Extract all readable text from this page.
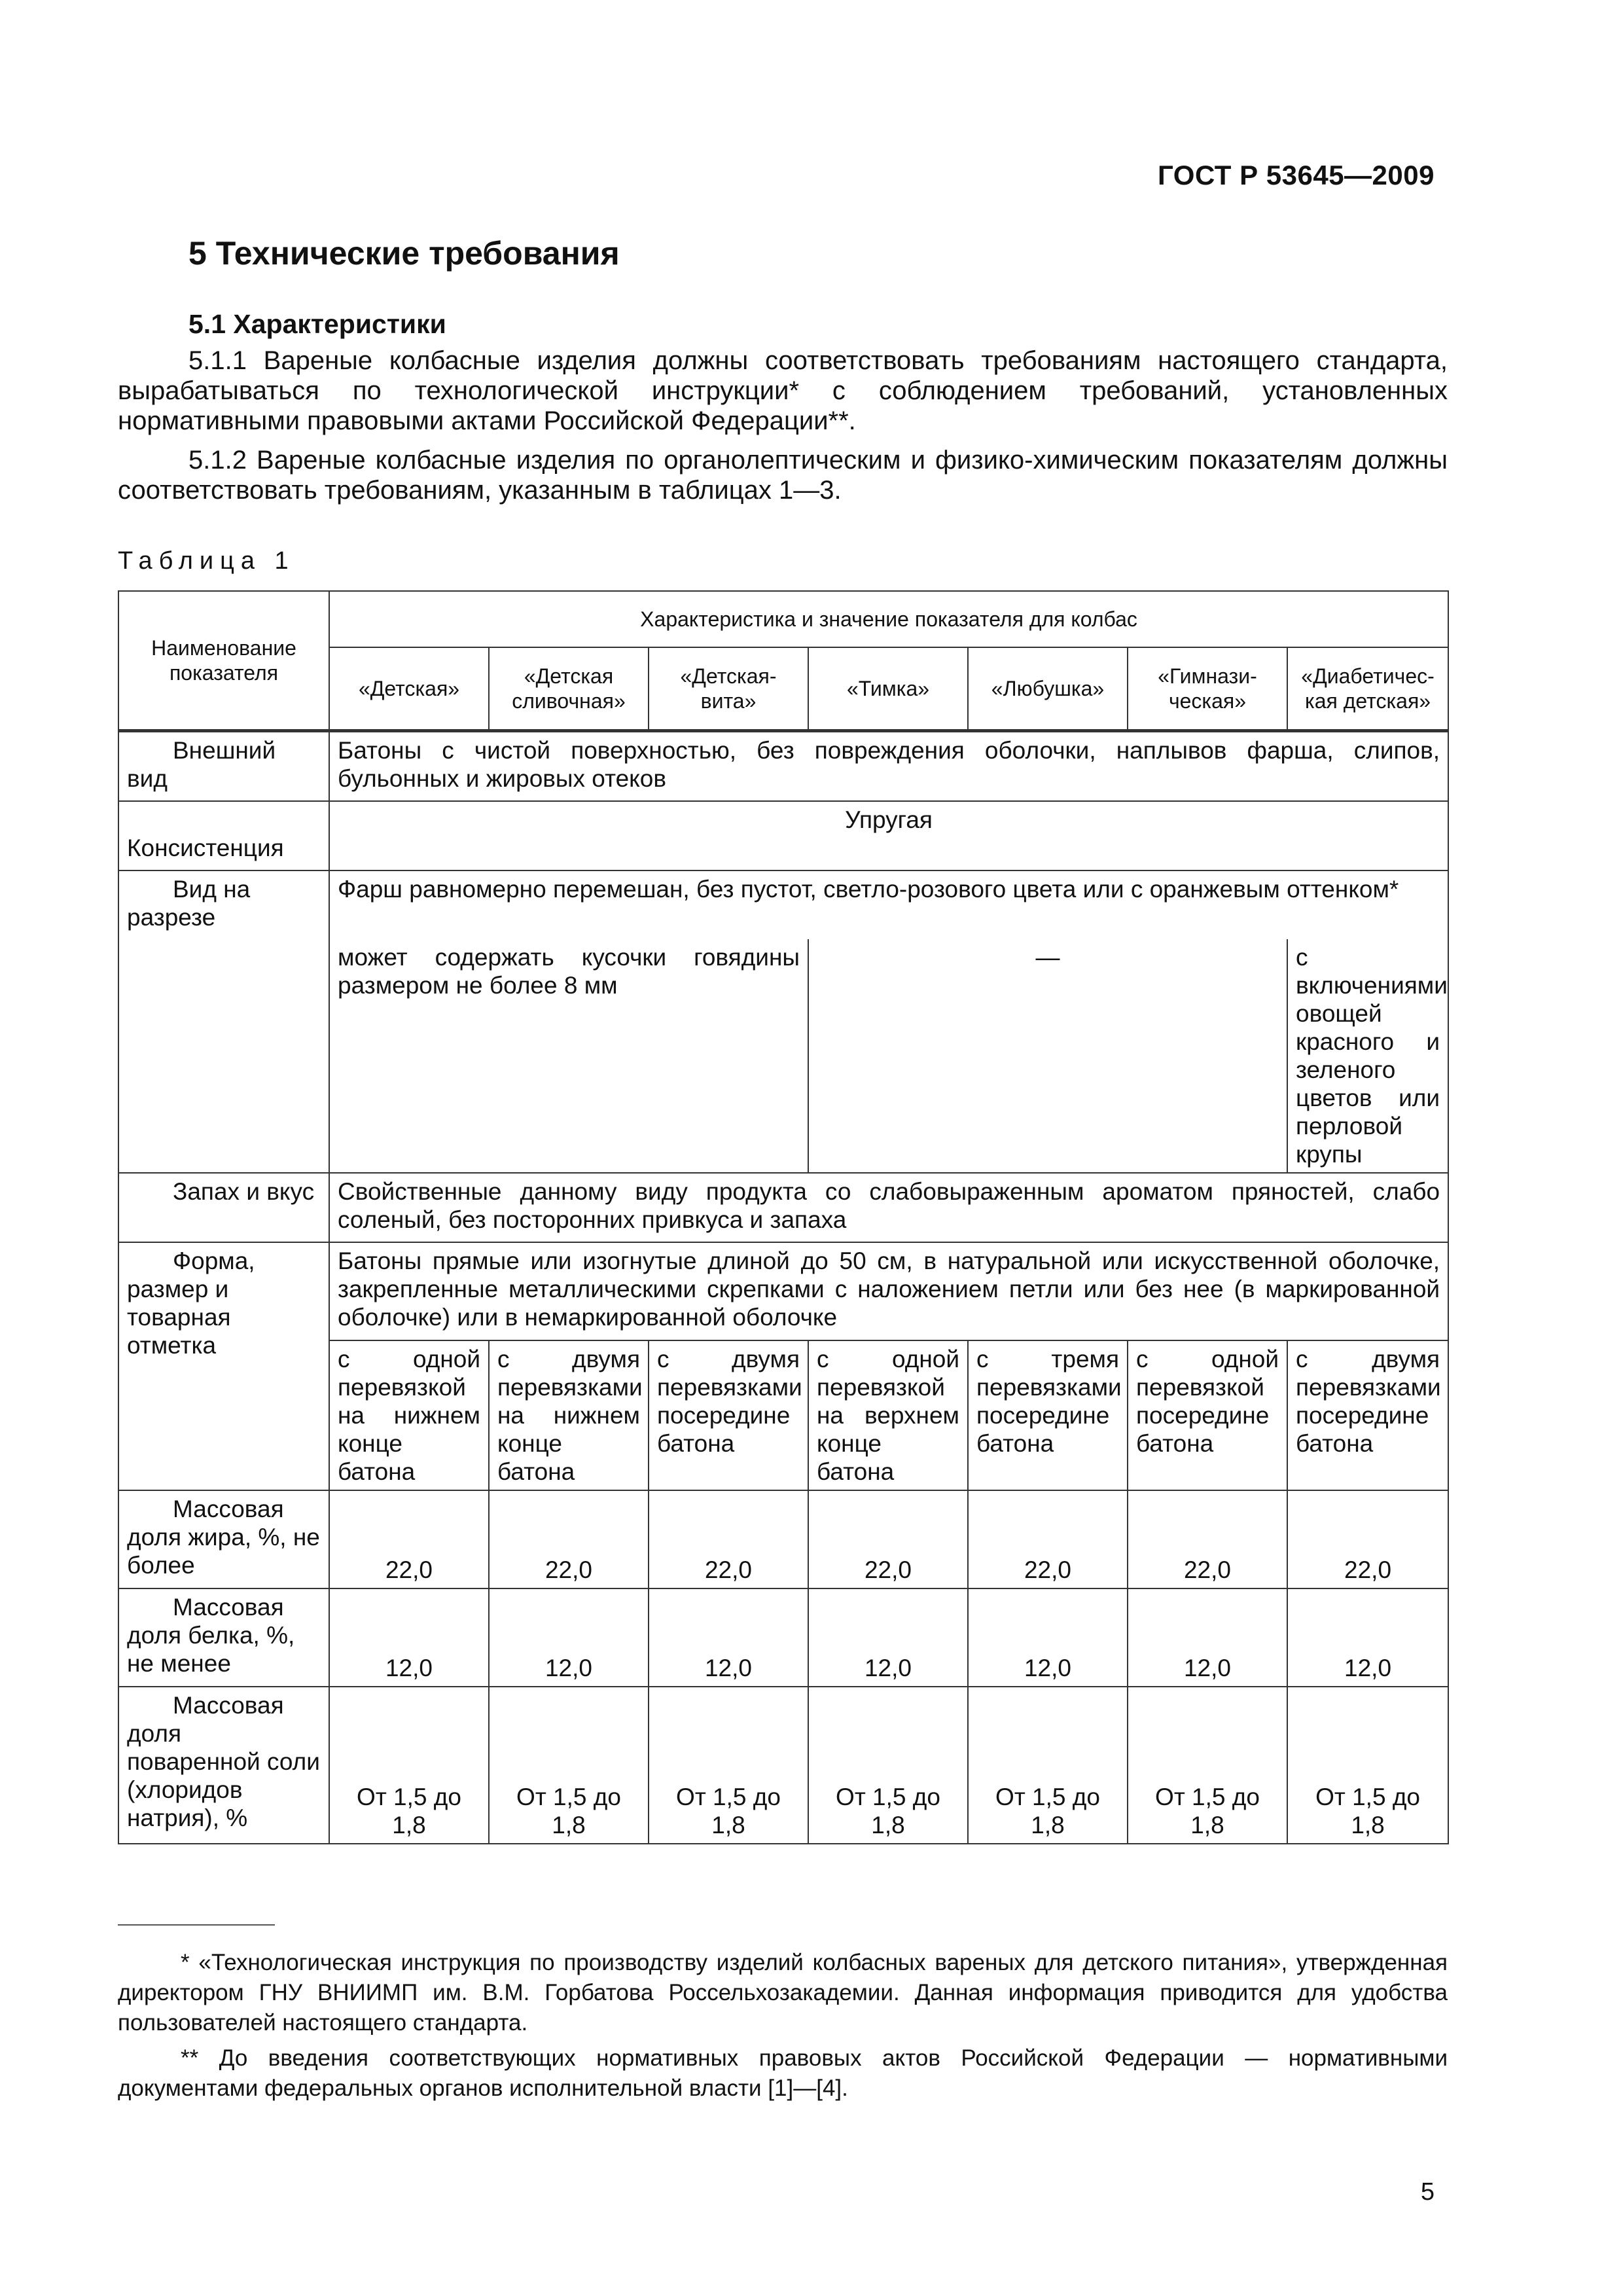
ГОСТ Р 53645—2009
5 Технические требования
5.1 Характеристики
5.1.1 Вареные колбасные изделия должны соответствовать требованиям настоящего стандарта, вырабатываться по технологической инструкции* с соблюдением требований, установленных нормативными правовыми актами Российской Федерации**.
5.1.2 Вареные колбасные изделия по органолептическим и физико-химическим показателям должны соответствовать требованиям, указанным в таблицах 1—3.
Таблица 1
Наименование показателя	Характеристика и значение показателя для колбас						
	«Детская»	«Детская сливочная»	«Детская-вита»	«Тимка»	«Любушка»	«Гимнази-ческая»	«Диабетичес-кая детская»
Внешний вид	Батоны с чистой поверхностью, без повреждения оболочки, наплывов фарша, слипов, бульонных и жировых отеков						
Консистенция	Упругая						
Вид на разрезе	Фарш равномерно перемешан, без пустот, светло-розового цвета или с оранжевым оттенком*						
	может содержать кусочки говядины размером не более 8 мм			—			с включениями овощей красного и зеленого цветов или перловой крупы
Запах и вкус	Свойственные данному виду продукта со слабовыраженным ароматом пряностей, слабо соленый, без посторонних привкуса и запаха						
Форма, размер и товарная отметка	Батоны прямые или изогнутые длиной до 50 см, в натуральной или искусственной оболочке, закрепленные металлическими скрепками с наложением петли или без нее (в маркированной оболочке) или в немаркированной оболочке						
	с одной перевязкой на нижнем конце батона	с двумя перевязками на нижнем конце батона	с двумя перевязками посередине батона	с одной перевязкой на верхнем конце батона	с тремя перевязками посередине батона	с одной перевязкой посередине батона	с двумя перевязками посередине батона
Массовая доля жира, %, не более	22,0	22,0	22,0	22,0	22,0	22,0	22,0
Массовая доля белка, %, не менее	12,0	12,0	12,0	12,0	12,0	12,0	12,0
Массовая доля поваренной соли (хлоридов натрия), %	От 1,5 до 1,8	От 1,5 до 1,8	От 1,5 до 1,8	От 1,5 до 1,8	От 1,5 до 1,8	От 1,5 до 1,8	От 1,5 до 1,8
* «Технологическая инструкция по производству изделий колбасных вареных для детского питания», утвержденная директором ГНУ ВНИИМП им. В.М. Горбатова Россельхозакадемии. Данная информация приводится для удобства пользователей настоящего стандарта.
** До введения соответствующих нормативных правовых актов Российской Федерации — нормативными документами федеральных органов исполнительной власти [1]—[4].
5
